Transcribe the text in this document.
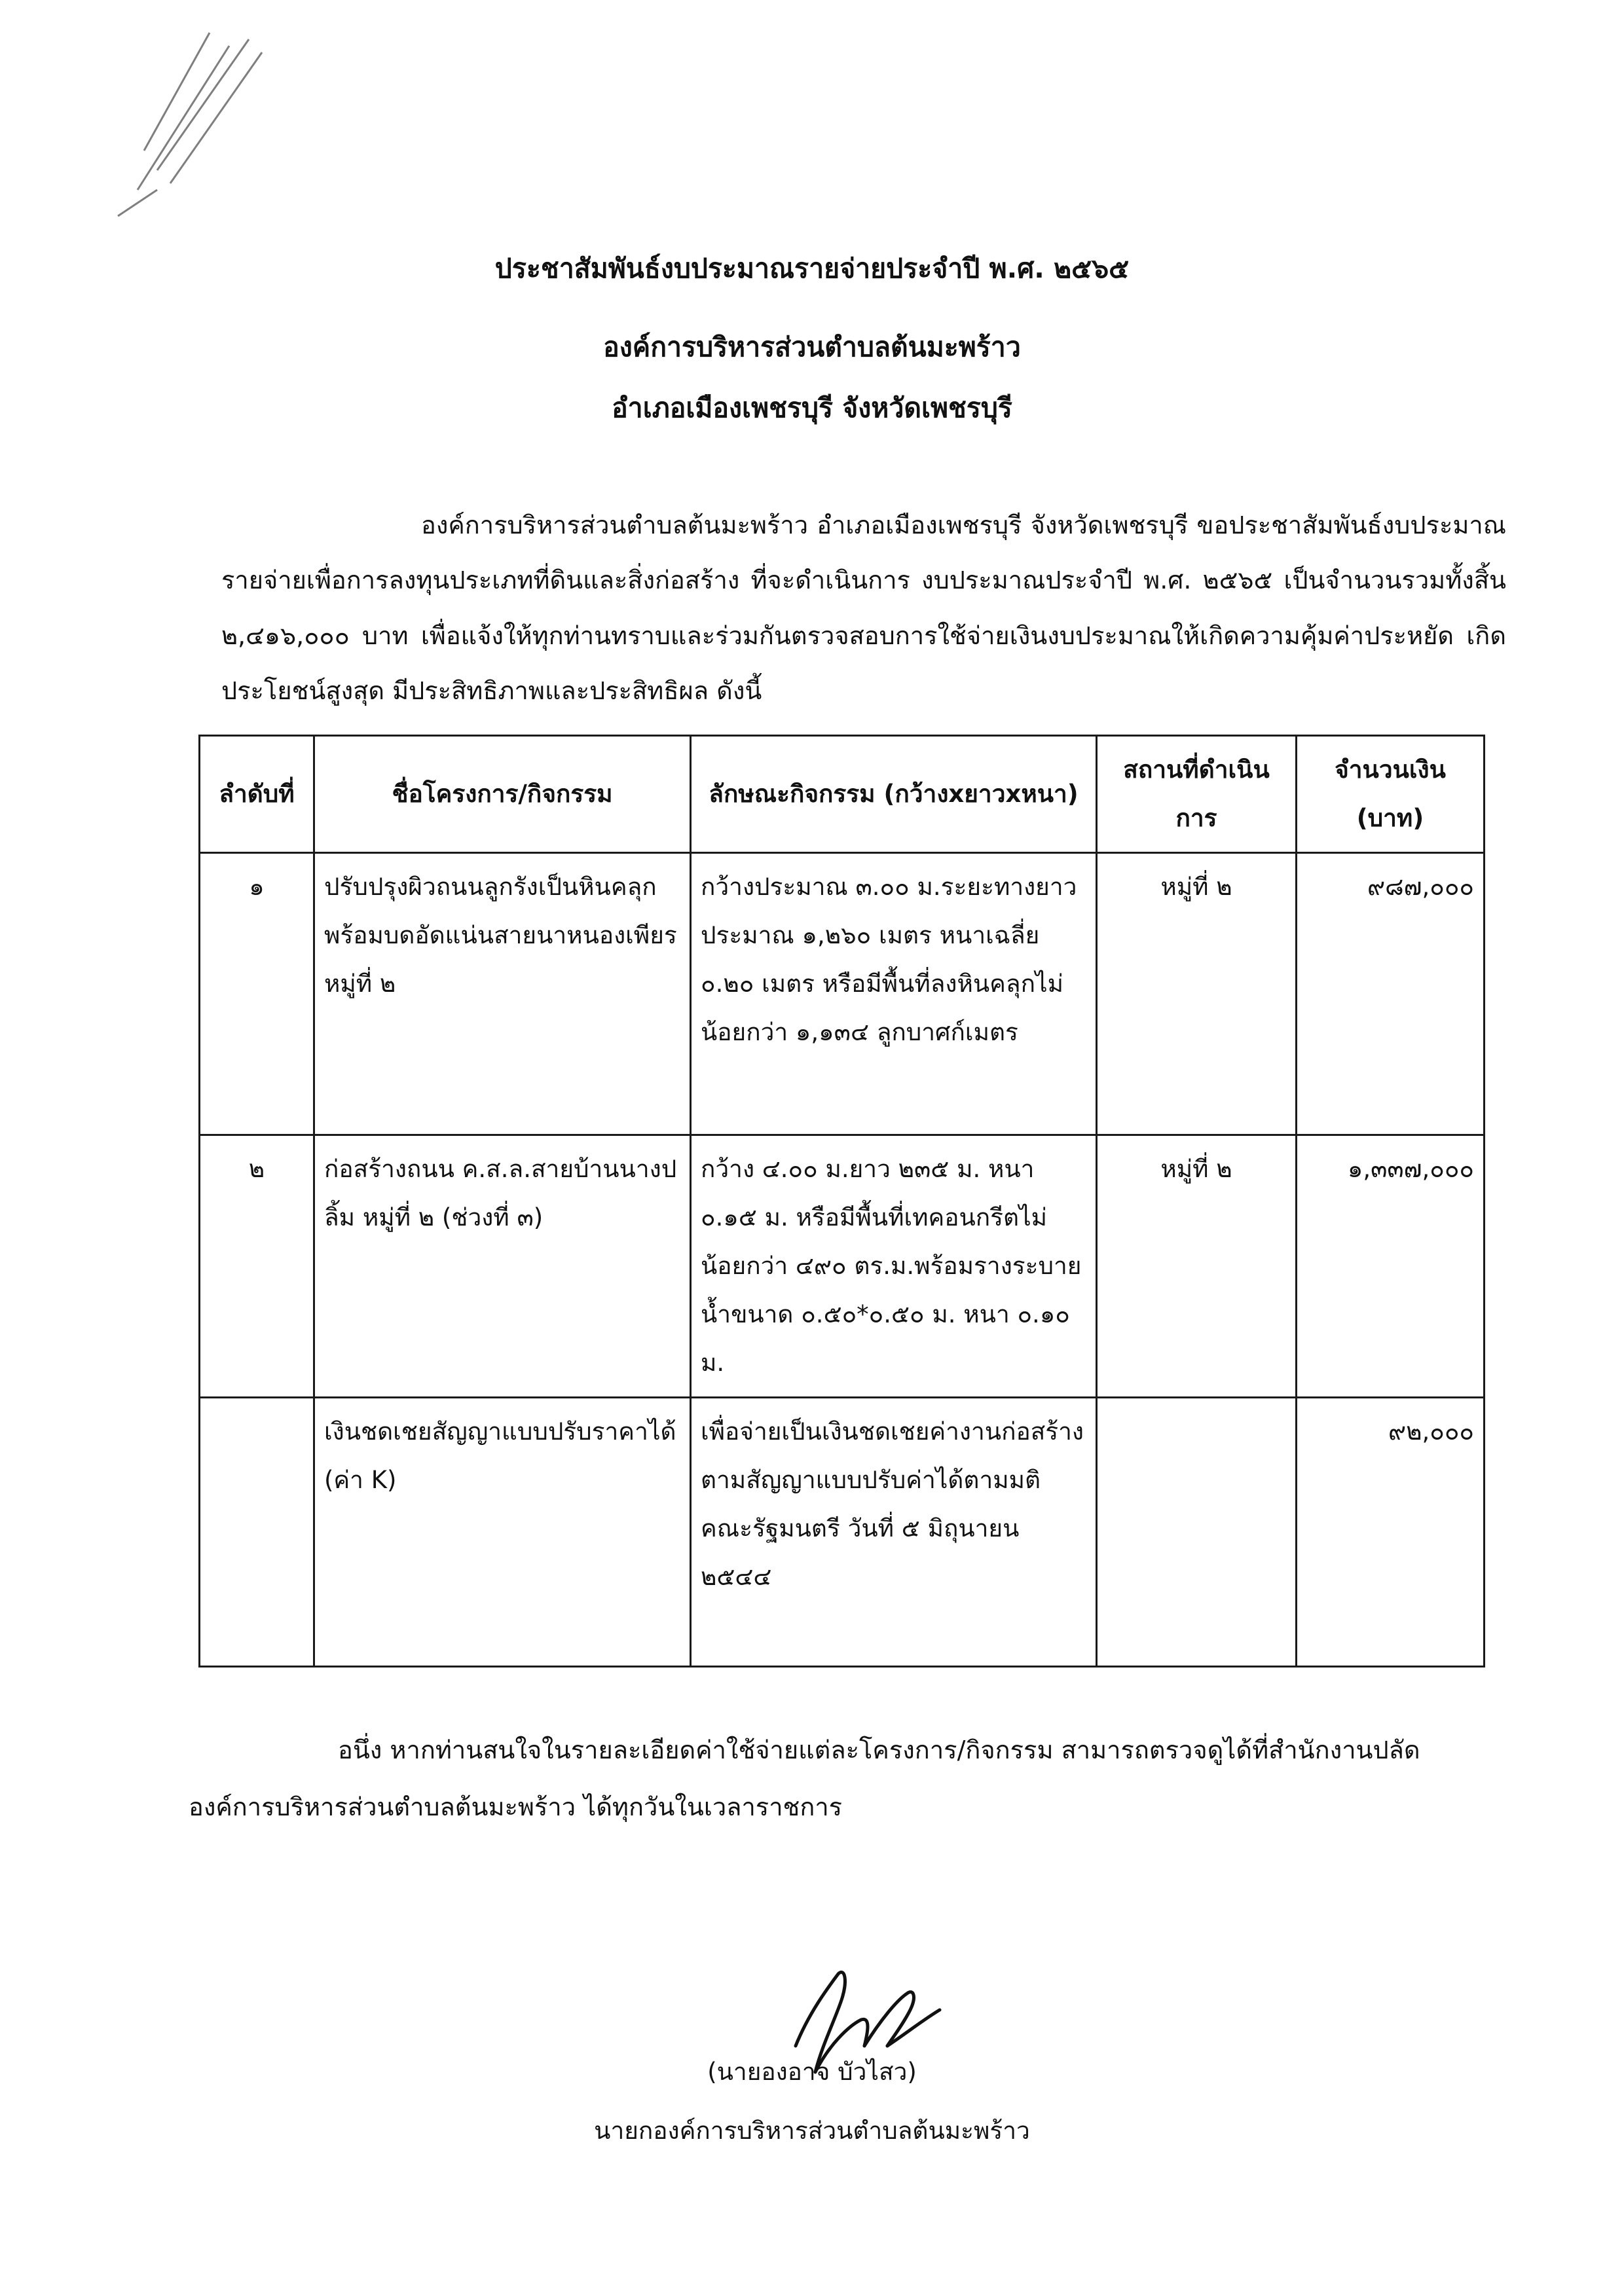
ประชาสัมพันธ์งบประมาณรายจ่ายประจำปี พ.ศ. ๒๕๖๕
องค์การบริหารส่วนตำบลต้นมะพร้าว
อำเภอเมืองเพชรบุรี จังหวัดเพชรบุรี
องค์การบริหารส่วนตำบลต้นมะพร้าว อำเภอเมืองเพชรบุรี จังหวัดเพชรบุรี ขอประชาสัมพันธ์งบประมาณรายจ่ายเพื่อการลงทุนประเภทที่ดินและสิ่งก่อสร้าง ที่จะดำเนินการ งบประมาณประจำปี พ.ศ. ๒๕๖๕ เป็นจำนวนรวมทั้งสิ้น ๒,๔๑๖,๐๐๐ บาท เพื่อแจ้งให้ทุกท่านทราบและร่วมกันตรวจสอบการใช้จ่ายเงินงบประมาณให้เกิดความคุ้มค่าประหยัด เกิดประโยชน์สูงสุด มีประสิทธิภาพและประสิทธิผล ดังนี้
ลำดับที่	ชื่อโครงการ/กิจกรรม	ลักษณะกิจกรรม (กว้างxยาวxหนา)	สถานที่ดำเนินการ	จำนวนเงิน (บาท)
๑	ปรับปรุงผิวถนนลูกรังเป็นหินคลุกพร้อมบดอัดแน่นสายนาหนองเพียร หมู่ที่ ๒	กว้างประมาณ ๓.๐๐ ม.ระยะทางยาวประมาณ ๑,๒๖๐ เมตร หนาเฉลี่ย ๐.๒๐ เมตร หรือมีพื้นที่ลงหินคลุกไม่น้อยกว่า ๑,๑๓๔ ลูกบาศก์เมตร	หมู่ที่ ๒	๙๘๗,๐๐๐
๒	ก่อสร้างถนน ค.ส.ล.สายบ้านนางปลิ้ม หมู่ที่ ๒ (ช่วงที่ ๓)	กว้าง ๔.๐๐ ม.ยาว ๒๓๕ ม. หนา ๐.๑๕ ม. หรือมีพื้นที่เทคอนกรีตไม่น้อยกว่า ๔๙๐ ตร.ม.พร้อมรางระบายน้ำขนาด ๐.๕๐*๐.๕๐ ม. หนา ๐.๑๐ ม.	หมู่ที่ ๒	๑,๓๓๗,๐๐๐
	เงินชดเชยสัญญาแบบปรับราคาได้ (ค่า K)	เพื่อจ่ายเป็นเงินชดเชยค่างานก่อสร้างตามสัญญาแบบปรับค่าได้ตามมติคณะรัฐมนตรี วันที่ ๕ มิถุนายน ๒๕๔๔		๙๒,๐๐๐
อนึ่ง หากท่านสนใจในรายละเอียดค่าใช้จ่ายแต่ละโครงการ/กิจกรรม สามารถตรวจดูได้ที่สำนักงานปลัด องค์การบริหารส่วนตำบลต้นมะพร้าว ได้ทุกวันในเวลาราชการ
(นายองอาจ บัวไสว)
นายกองค์การบริหารส่วนตำบลต้นมะพร้าว
